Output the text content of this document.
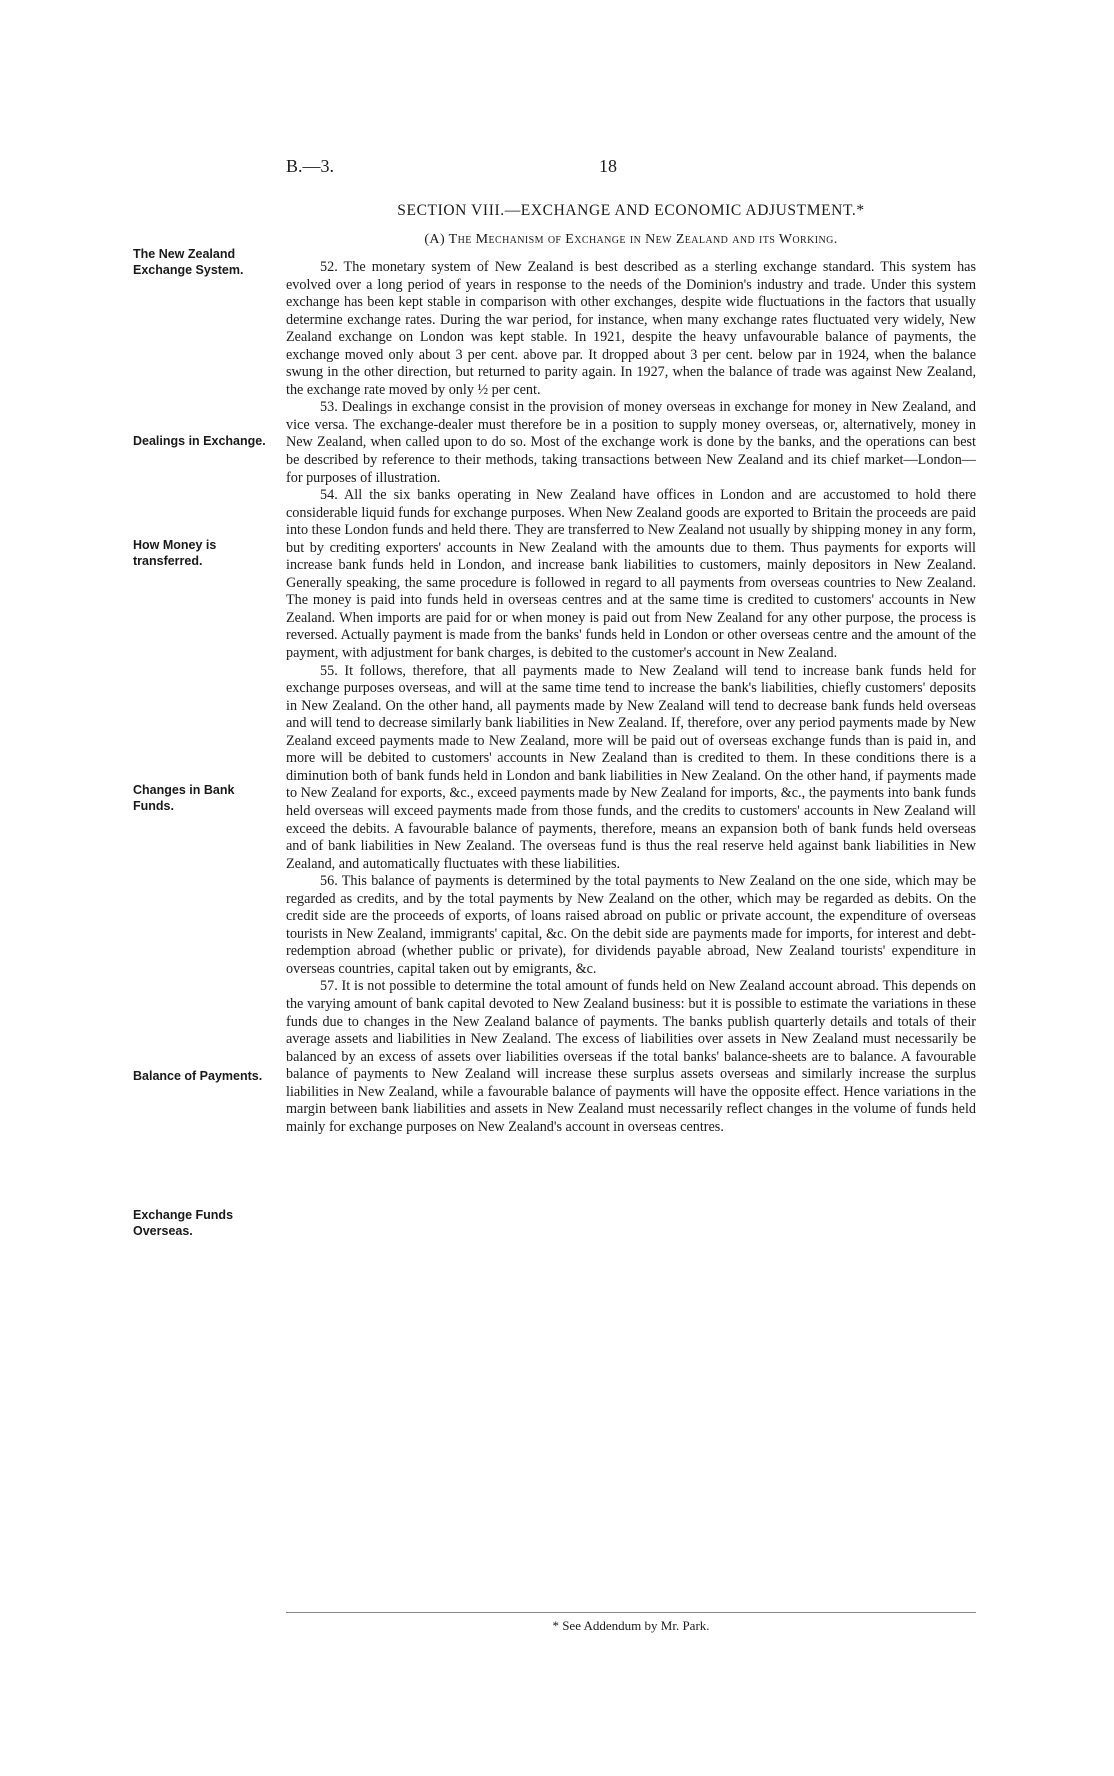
B.—3.	18
SECTION VIII.—EXCHANGE AND ECONOMIC ADJUSTMENT.*
(A) The Mechanism of Exchange in New Zealand and its Working.
The New Zealand Exchange System.
Dealings in Exchange.
How Money is transferred.
Changes in Bank Funds.
Balance of Payments.
Exchange Funds Overseas.

52. The monetary system of New Zealand is best described as a sterling exchange standard. This system has evolved over a long period of years in response to the needs of the Dominion's industry and trade. Under this system exchange has been kept stable in comparison with other exchanges, despite wide fluctuations in the factors that usually determine exchange rates. During the war period, for instance, when many exchange rates fluctuated very widely, New Zealand exchange on London was kept stable. In 1921, despite the heavy unfavourable balance of payments, the exchange moved only about 3 per cent. above par. It dropped about 3 per cent. below par in 1924, when the balance swung in the other direction, but returned to parity again. In 1927, when the balance of trade was against New Zealand, the exchange rate moved by only ½ per cent.

53. Dealings in exchange consist in the provision of money overseas in exchange for money in New Zealand, and vice versa. The exchange-dealer must therefore be in a position to supply money overseas, or, alternatively, money in New Zealand, when called upon to do so. Most of the exchange work is done by the banks, and the operations can best be described by reference to their methods, taking transactions between New Zealand and its chief market—London—for purposes of illustration.

54. All the six banks operating in New Zealand have offices in London and are accustomed to hold there considerable liquid funds for exchange purposes. When New Zealand goods are exported to Britain the proceeds are paid into these London funds and held there. They are transferred to New Zealand not usually by shipping money in any form, but by crediting exporters' accounts in New Zealand with the amounts due to them. Thus payments for exports will increase bank funds held in London, and increase bank liabilities to customers, mainly depositors in New Zealand. Generally speaking, the same procedure is followed in regard to all payments from overseas countries to New Zealand. The money is paid into funds held in overseas centres and at the same time is credited to customers' accounts in New Zealand. When imports are paid for or when money is paid out from New Zealand for any other purpose, the process is reversed. Actually payment is made from the banks' funds held in London or other overseas centre and the amount of the payment, with adjustment for bank charges, is debited to the customer's account in New Zealand.

55. It follows, therefore, that all payments made to New Zealand will tend to increase bank funds held for exchange purposes overseas, and will at the same time tend to increase the bank's liabilities, chiefly customers' deposits in New Zealand. On the other hand, all payments made by New Zealand will tend to decrease bank funds held overseas and will tend to decrease similarly bank liabilities in New Zealand. If, therefore, over any period payments made by New Zealand exceed payments made to New Zealand, more will be paid out of overseas exchange funds than is paid in, and more will be debited to customers' accounts in New Zealand than is credited to them. In these conditions there is a diminution both of bank funds held in London and bank liabilities in New Zealand. On the other hand, if payments made to New Zealand for exports, &c., exceed payments made by New Zealand for imports, &c., the payments into bank funds held overseas will exceed payments made from those funds, and the credits to customers' accounts in New Zealand will exceed the debits. A favourable balance of payments, therefore, means an expansion both of bank funds held overseas and of bank liabilities in New Zealand. The overseas fund is thus the real reserve held against bank liabilities in New Zealand, and automatically fluctuates with these liabilities.

56. This balance of payments is determined by the total payments to New Zealand on the one side, which may be regarded as credits, and by the total payments by New Zealand on the other, which may be regarded as debits. On the credit side are the proceeds of exports, of loans raised abroad on public or private account, the expenditure of overseas tourists in New Zealand, immigrants' capital, &c. On the debit side are payments made for imports, for interest and debt-redemption abroad (whether public or private), for dividends payable abroad, New Zealand tourists' expenditure in overseas countries, capital taken out by emigrants, &c.

57. It is not possible to determine the total amount of funds held on New Zealand account abroad. This depends on the varying amount of bank capital devoted to New Zealand business: but it is possible to estimate the variations in these funds due to changes in the New Zealand balance of payments. The banks publish quarterly details and totals of their average assets and liabilities in New Zealand. The excess of liabilities over assets in New Zealand must necessarily be balanced by an excess of assets over liabilities overseas if the total banks' balance-sheets are to balance. A favourable balance of payments to New Zealand will increase these surplus assets overseas and similarly increase the surplus liabilities in New Zealand, while a favourable balance of payments will have the opposite effect. Hence variations in the margin between bank liabilities and assets in New Zealand must necessarily reflect changes in the volume of funds held mainly for exchange purposes on New Zealand's account in overseas centres.

* See Addendum by Mr. Park.
